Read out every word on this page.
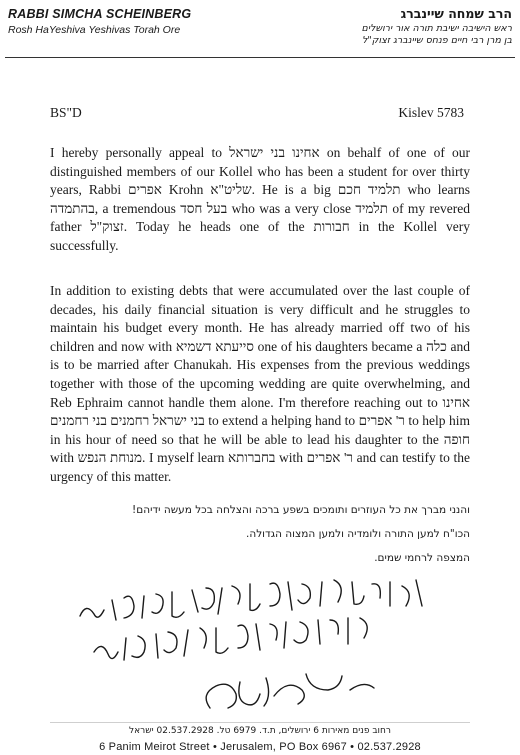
RABBI SIMCHA SCHEINBERG
Rosh HaYeshiva Yeshivas Torah Ore
הרב שמחה שיינברג
ראש הישיבה ישיבת תורה אור ירושלים
בן מרן רבי חיים פנחס שיינברג זצוק"ל
BS"D	Kislev 5783
I hereby personally appeal to אחינו בני ישראל on behalf of one of our distinguished members of our Kollel who has been a student for over thirty years, Rabbi אפרים Krohn שליט"א. He is a big תלמיד חכם who learns בהתמדה, a tremendous בעל חסד who was a very close תלמיד of my revered father זצוק"ל. Today he heads one of the חבורות in the Kollel very successfully.
In addition to existing debts that were accumulated over the last couple of decades, his daily financial situation is very difficult and he struggles to maintain his budget every month. He has already married off two of his children and now with סייעתא דשמיא one of his daughters became a כלה and is to be married after Chanukah. His expenses from the previous weddings together with those of the upcoming wedding are quite overwhelming, and Reb Ephraim cannot handle them alone. I'm therefore reaching out to אחינו בני ישראל רחמנים בני רחמנים to extend a helping hand to ר' אפרים to help him in his hour of need so that he will be able to lead his daughter to the חופה with מנוחת הנפש. I myself learn בחברותא with ר' אפרים and can testify to the urgency of this matter.
והנני מברך את כל העוזרים ותומכים בשפע ברכה והצלחה בכל מעשה ידיהם!
הכו"ח למען התורה ולומדיה ולמען המצוה הגדולה.
המצפה לרחמי שמים.
רחוב פנים מאירות 6 ירושלים, ת.ד. 6979 טל. 02.537.2928 ישראל
6 Panim Meirot Street • Jerusalem, PO Box 6967 • 02.537.2928
